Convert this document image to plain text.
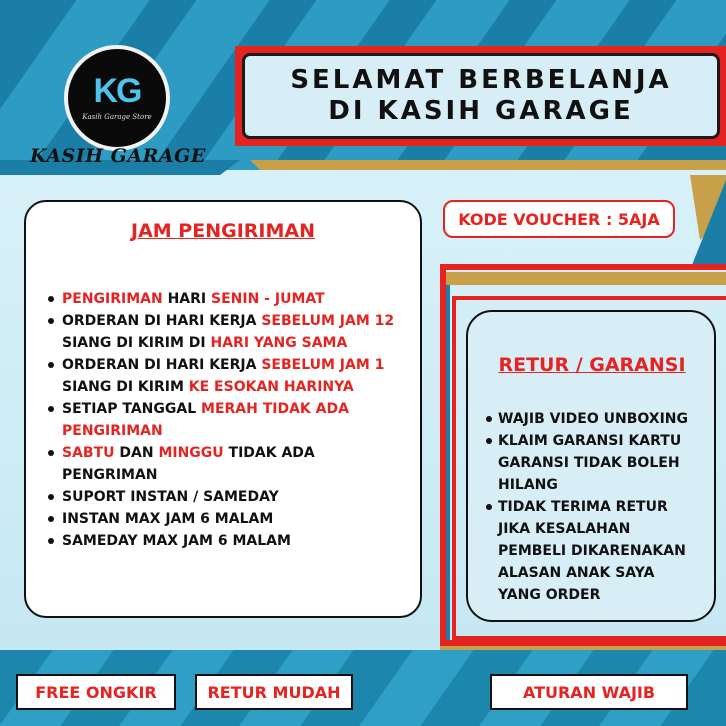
KG
Kasih Garage Store
KASIH GARAGE
SELAMAT BERBELANJA
DI KASIH GARAGE
KODE VOUCHER : 5AJA
JAM PENGIRIMAN
PENGIRIMAN HARI SENIN - JUMAT
ORDERAN DI HARI KERJA SEBELUM JAM 12 SIANG DI KIRIM DI HARI YANG SAMA
ORDERAN DI HARI KERJA SEBELUM JAM 1 SIANG DI KIRIM KE ESOKAN HARINYA
SETIAP TANGGAL MERAH TIDAK ADA PENGIRIMAN
SABTU DAN MINGGU TIDAK ADA PENGRIMAN
SUPORT INSTAN / SAMEDAY
INSTAN MAX JAM 6 MALAM
SAMEDAY MAX JAM 6 MALAM
RETUR / GARANSI
WAJIB VIDEO UNBOXING
KLAIM GARANSI KARTU GARANSI TIDAK BOLEH HILANG
TIDAK TERIMA RETUR JIKA KESALAHAN PEMBELI DIKARENAKAN ALASAN ANAK SAYA YANG ORDER
FREE ONGKIR	RETUR MUDAH	ATURAN WAJIB
